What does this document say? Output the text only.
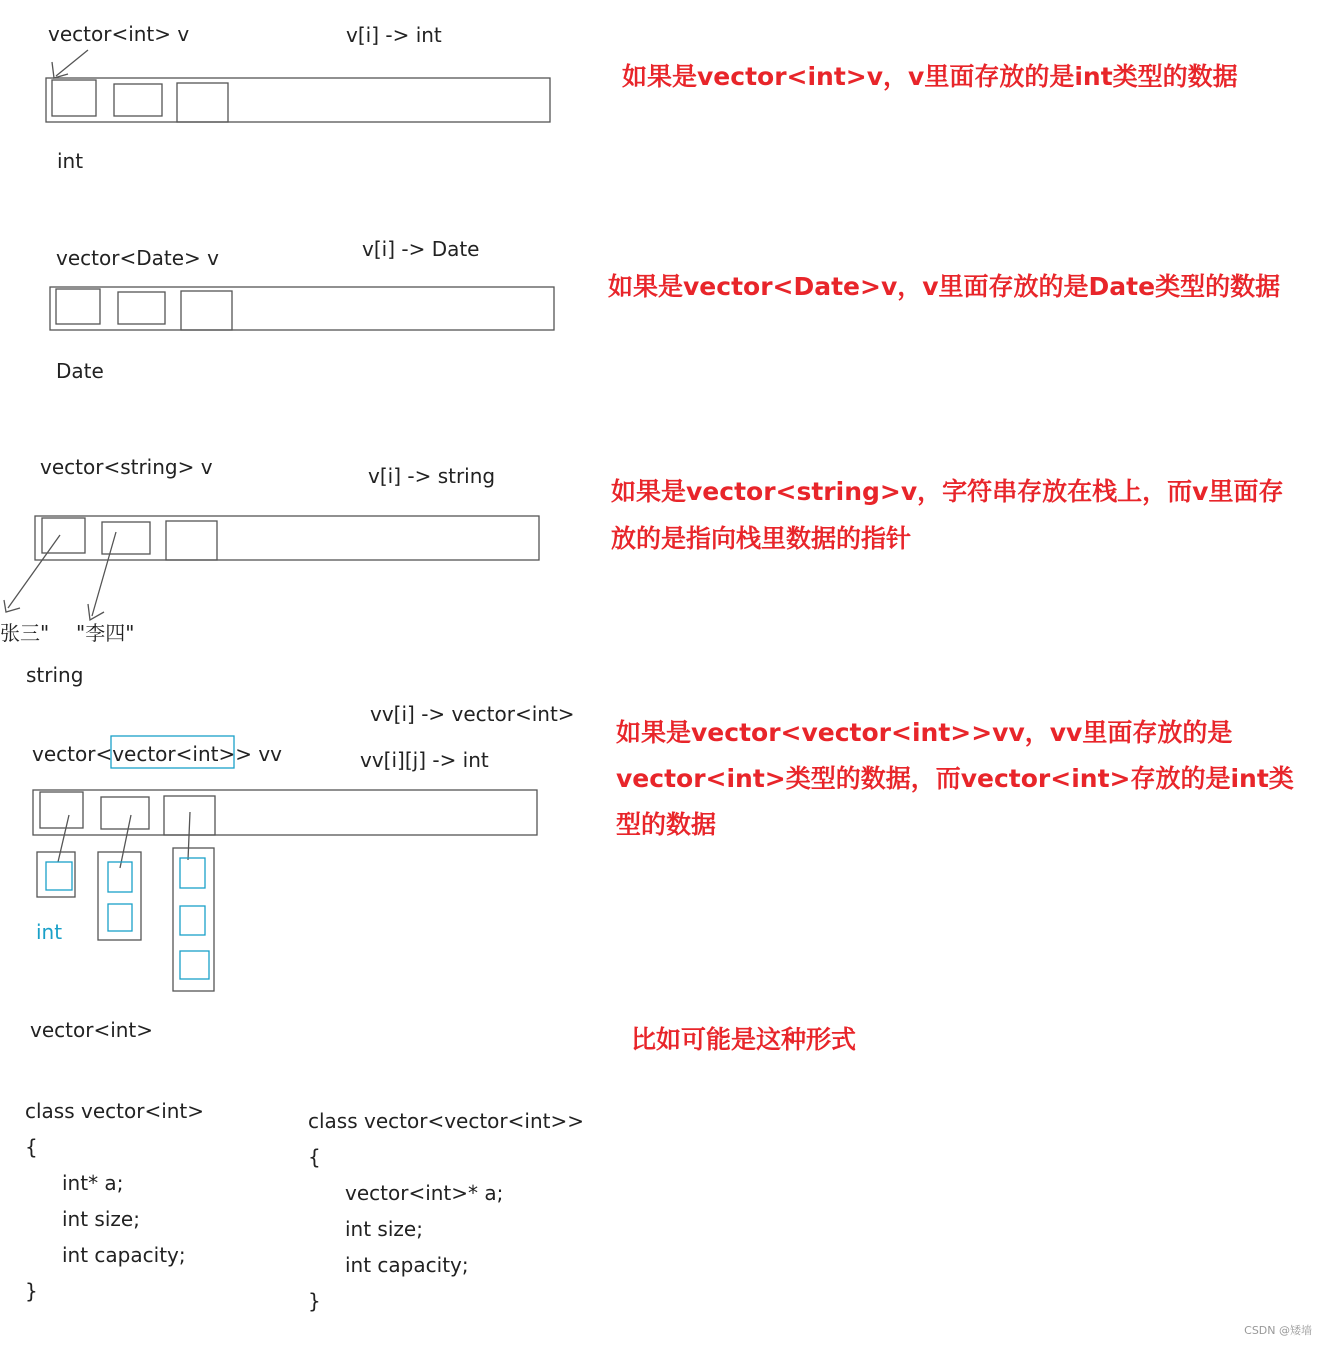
vector<int> v	v[i] -> int
int
如果是vector<int>v，v里面存放的是int类型的数据
vector<Date> v	v[i] -> Date
Date
如果是vector<Date>v，v里面存放的是Date类型的数据
vector<string> v	v[i] -> string
张三" "李四"
string
如果是vector<string>v，字符串存放在栈上，而v里面存
放的是指向栈里数据的指针
vector<vector<int>> vv
vv[i] -> vector<int>
vv[i][j] -> int
int
vector<int>
如果是vector<vector<int>>vv，vv里面存放的是
vector<int>类型的数据，而vector<int>存放的是int类
型的数据
比如可能是这种形式
class vector<int>
{
int* a;
int size;
int capacity;
}
class vector<vector<int>>
{
vector<int>* a;
int size;
int capacity;
}
CSDN @矮墙
